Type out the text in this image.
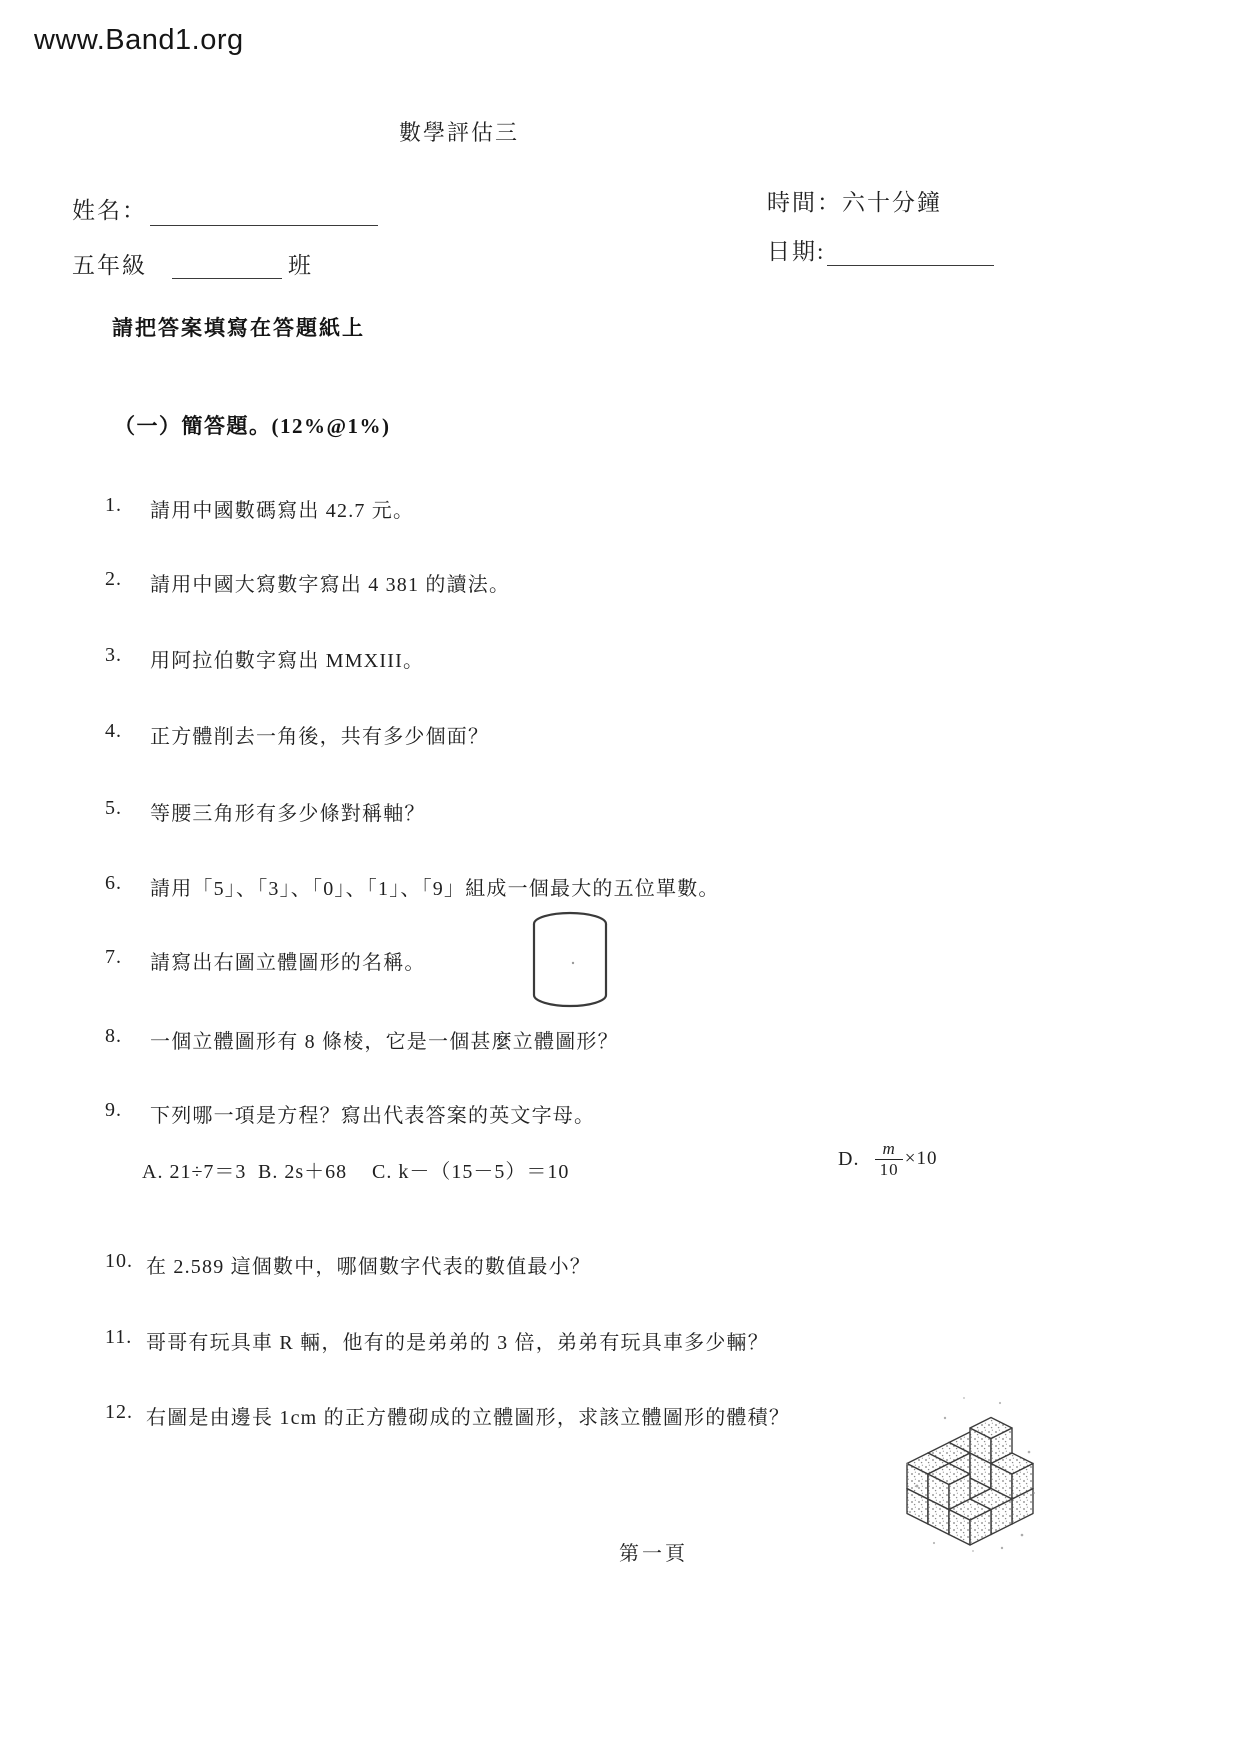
www.Band1.org
數學評估三
姓名：
五年級	班
時間：六十分鐘
日期:
請把答案填寫在答題紙上
（一）簡答題。(12%@1%)
1. 請用中國數碼寫出 42.7 元。
2. 請用中國大寫數字寫出 4 381 的讀法。
3. 用阿拉伯數字寫出 MMXIII。
4. 正方體削去一角後，共有多少個面？
5. 等腰三角形有多少條對稱軸？
6. 請用「5」、「3」、「0」、「1」、「9」組成一個最大的五位單數。
7. 請寫出右圖立體圖形的名稱。
8. 一個立體圖形有 8 條棱，它是一個甚麼立體圖形？
9. 下列哪一項是方程？寫出代表答案的英文字母。
10. 在 2.589 這個數中，哪個數字代表的數值最小？
11. 哥哥有玩具車 R 輛，他有的是弟弟的 3 倍，弟弟有玩具車多少輛？
12. 右圖是由邊長 1cm 的正方體砌成的立體圖形，求該立體圖形的體積？
A. 21÷7＝3 B. 2s＋68 C. k－（15－5）＝10
D. $\frac{m}{10} \times 10$
第一頁
